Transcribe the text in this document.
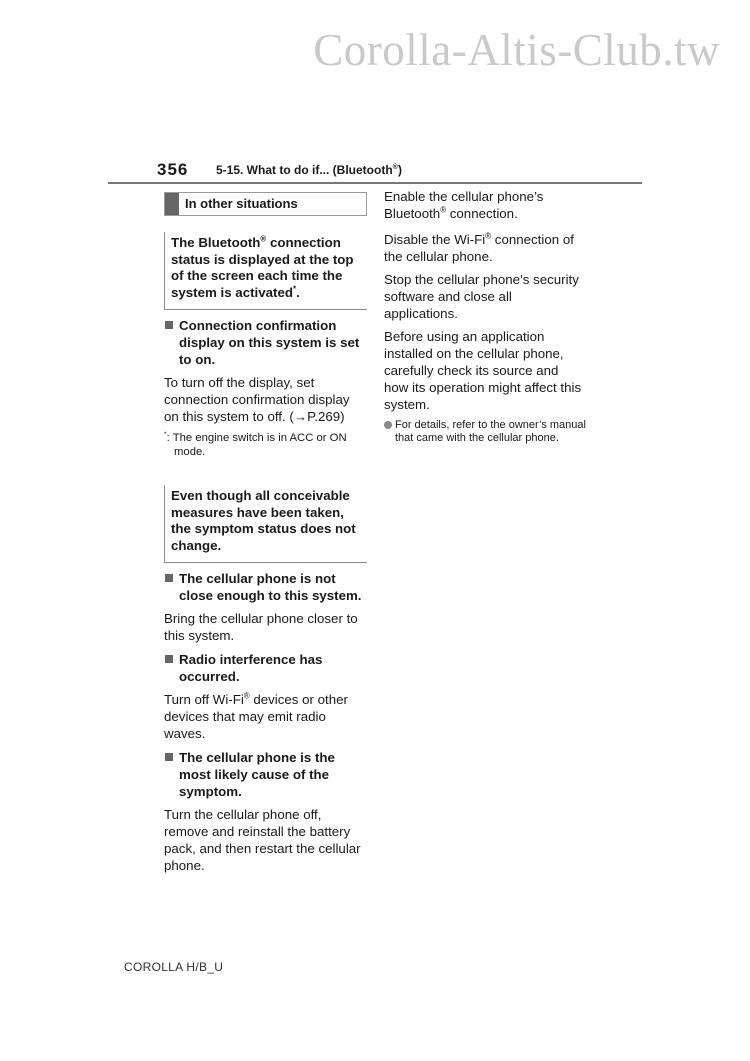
Corolla-Altis-Club.tw
356 5-15. What to do if... (Bluetooth®)
In other situations
The Bluetooth® connection status is displayed at the top of the screen each time the system is activated*.
Connection confirmation display on this system is set to on.
To turn off the display, set connection confirmation display on this system to off. (→P.269)
*: The engine switch is in ACC or ON mode.
Even though all conceivable measures have been taken, the symptom status does not change.
The cellular phone is not close enough to this system.
Bring the cellular phone closer to this system.
Radio interference has occurred.
Turn off Wi-Fi® devices or other devices that may emit radio waves.
The cellular phone is the most likely cause of the symptom.
Turn the cellular phone off, remove and reinstall the battery pack, and then restart the cellular phone.
Enable the cellular phone’s Bluetooth® connection.
Disable the Wi-Fi® connection of the cellular phone.
Stop the cellular phone’s security software and close all applications.
Before using an application installed on the cellular phone, carefully check its source and how its operation might affect this system.
For details, refer to the owner’s manual that came with the cellular phone.
COROLLA H/B_U
